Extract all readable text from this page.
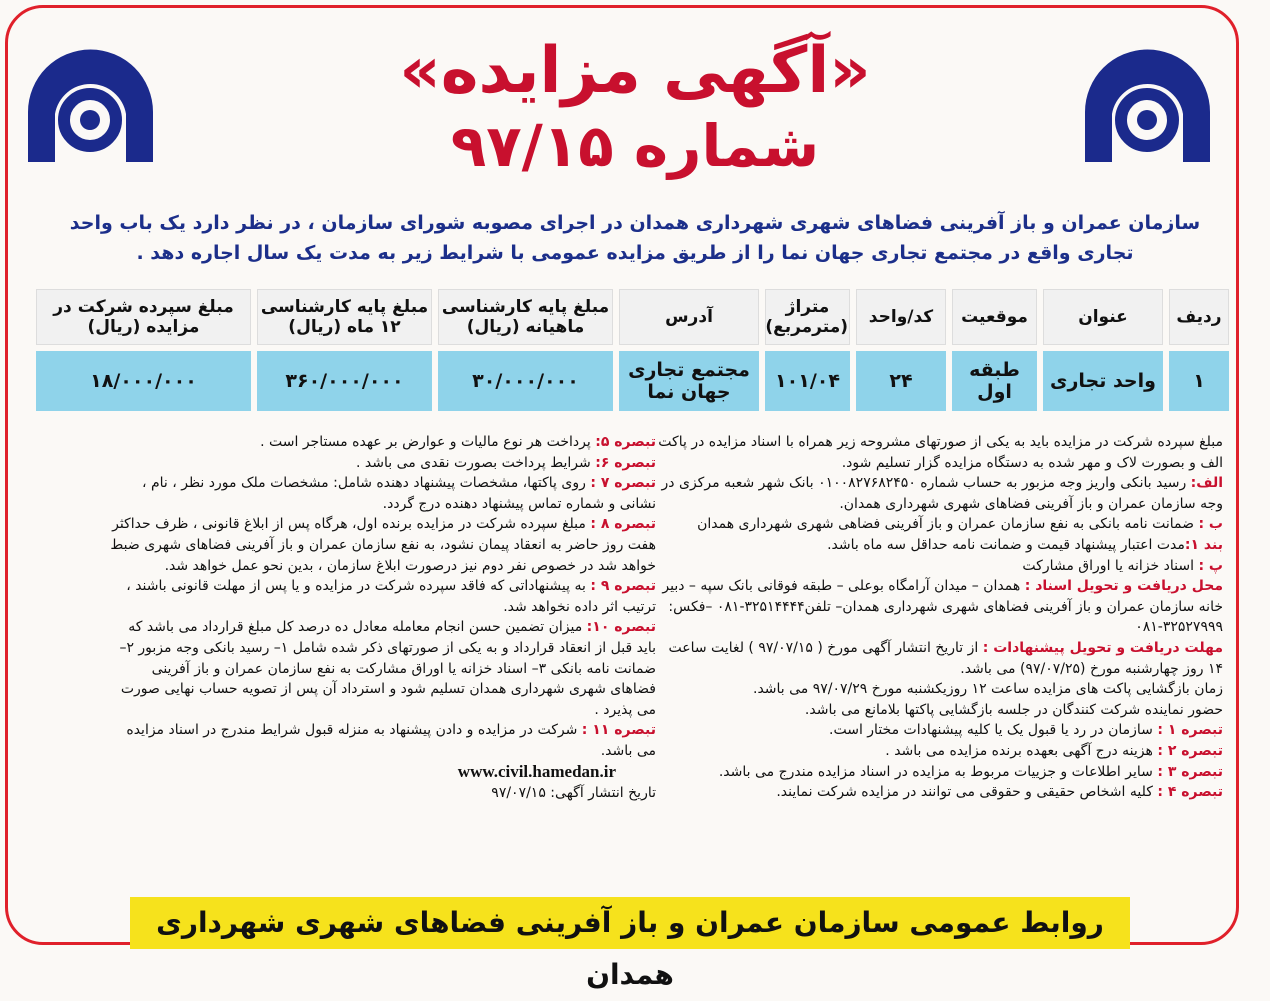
«آگهی مزایده»
شماره ۹۷/۱۵
سازمان عمران و باز آفرینی فضاهای شهری شهرداری همدان در اجرای مصوبه شورای سازمان ، در نظر دارد یک باب واحد تجاری واقع در مجتمع تجاری جهان نما را از طریق مزایده عمومی با شرایط زیر به مدت یک سال اجاره دهد .
ردیف	عنوان	موقعیت	کد/واحد	متراژ (مترمربع)	آدرس	مبلغ پایه کارشناسی ماهیانه (ریال)	مبلغ پایه کارشناسی ۱۲ ماه (ریال)	مبلغ سپرده شرکت در مزایده (ریال)
۱	واحد تجاری	طبقه اول	۲۴	۱۰۱/۰۴	مجتمع تجاری جهان نما	۳۰/۰۰۰/۰۰۰	۳۶۰/۰۰۰/۰۰۰	۱۸/۰۰۰/۰۰۰

مبلغ سپرده شرکت در مزایده باید به یکی از صورتهای مشروحه زیر همراه با اسناد مزایده در پاکت الف و بصورت لاک و مهر شده به دستگاه مزایده گزار تسلیم شود.

الف: رسید بانکی واریز وجه مزبور به حساب شماره ۰۱۰۰۸۲۷۶۸۲۴۵۰ بانک شهر شعبه مرکزی در وجه سازمان عمران و باز آفرینی فضاهای شهری شهرداری همدان.

ب : ضمانت نامه بانکی به نفع سازمان عمران و باز آفرینی فضاهی شهری شهرداری همدان

بند ۱:مدت اعتبار پیشنهاد قیمت و ضمانت نامه حداقل سه ماه باشد.

پ : اسناد خزانه یا اوراق مشارکت

محل دریافت و تحویل اسناد : همدان – میدان آرامگاه بوعلی – طبقه فوقانی بانک سپه – دبیر خانه سازمان عمران و باز آفرینی فضاهای شهری شهرداری همدان– تلفن۳۲۵۱۴۴۴۴-۰۸۱ –فکس: ۳۲۵۲۷۹۹۹-۰۸۱

مهلت دریافت و تحویل پیشنهادات : از تاریخ انتشار آگهی مورخ ( ۹۷/۰۷/۱۵ ) لغایت ساعت ۱۴ روز چهارشنبه مورخ (۹۷/۰۷/۲۵) می باشد.

زمان بازگشایی پاکت های مزایده ساعت ۱۲ روزیکشنبه مورخ ۹۷/۰۷/۲۹ می باشد.

حضور نماینده شرکت کنندگان در جلسه بازگشایی پاکتها بلامانع می باشد.

تبصره ۱ : سازمان در رد یا قبول یک یا کلیه پیشنهادات مختار است.

تبصره ۲ : هزینه درج آگهی بعهده برنده مزایده می باشد .

تبصره ۳ : سایر اطلاعات و جزییات مربوط به مزایده در اسناد مزایده مندرج می باشد.

تبصره ۴ : کلیه اشخاص حقیقی و حقوقی می توانند در مزایده شرکت نمایند.

تبصره ۵: پرداخت هر نوع مالیات و عوارض بر عهده مستاجر است .

تبصره ۶: شرایط پرداخت بصورت نقدی می باشد .

تبصره ۷ : روی پاکتها، مشخصات پیشنهاد دهنده شامل: مشخصات ملک مورد نظر ، نام ، نشانی و شماره تماس پیشنهاد دهنده درج گردد.

تبصره ۸ : مبلغ سپرده شرکت در مزایده برنده اول، هرگاه پس از ابلاغ قانونی ، ظرف حداکثر هفت روز حاضر به انعقاد پیمان نشود، به نفع سازمان عمران و باز آفرینی فضاهای شهری ضبط خواهد شد در خصوص نفر دوم نیز درصورت ابلاغ سازمان ، بدین نحو عمل خواهد شد.

تبصره ۹ : به پیشنهاداتی که فاقد سپرده شرکت در مزایده و یا پس از مهلت قانونی باشند ، ترتیب اثر داده نخواهد شد.

تبصره ۱۰: میزان تضمین حسن انجام معامله معادل ده درصد کل مبلغ قرارداد می باشد که باید قبل از انعقاد قرارداد و به یکی از صورتهای ذکر شده شامل ۱– رسید بانکی وجه مزبور ۲– ضمانت نامه بانکی ۳– اسناد خزانه یا اوراق مشارکت به نفع سازمان عمران و باز آفرینی فضاهای شهری شهرداری همدان تسلیم شود و استرداد آن پس از تصویه حساب نهایی صورت می پذیرد .

تبصره ۱۱ : شرکت در مزایده و دادن پیشنهاد به منزله قبول شرایط مندرج در اسناد مزایده می باشد.

www.civil.hamedan.ir

تاریخ انتشار آگهی: ۹۷/۰۷/۱۵

روابط عمومی سازمان عمران و باز آفرینی فضاهای شهری شهرداری همدان
